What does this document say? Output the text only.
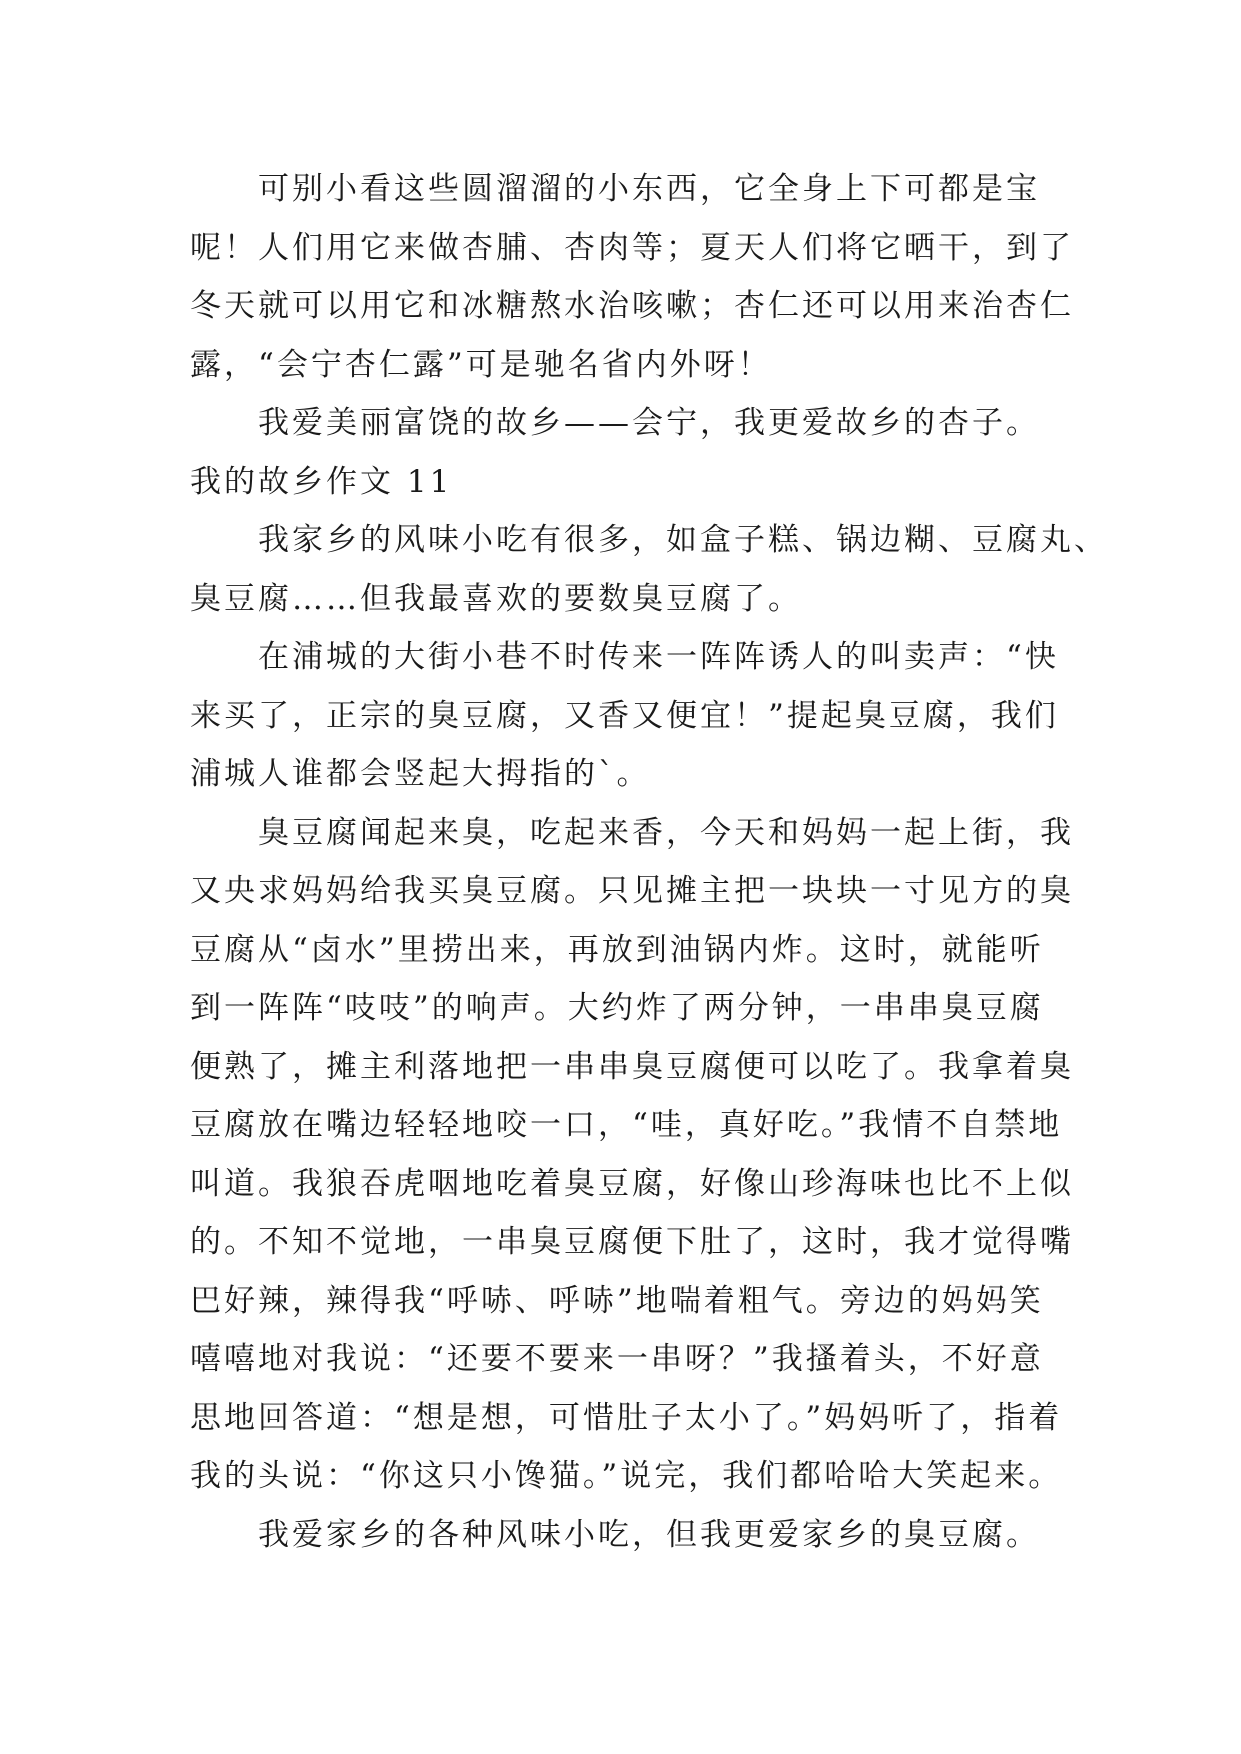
可别小看这些圆溜溜的小东西，它全身上下可都是宝
呢！人们用它来做杏脯、杏肉等；夏天人们将它晒干，到了
冬天就可以用它和冰糖熬水治咳嗽；杏仁还可以用来治杏仁
露，“会宁杏仁露”可是驰名省内外呀！
我爱美丽富饶的故乡——会宁，我更爱故乡的杏子。
我的故乡作文 11
我家乡的风味小吃有很多，如盒子糕、锅边糊、豆腐丸、
臭豆腐……但我最喜欢的要数臭豆腐了。
在浦城的大街小巷不时传来一阵阵诱人的叫卖声：“快
来买了，正宗的臭豆腐，又香又便宜！”提起臭豆腐，我们
浦城人谁都会竖起大拇指的`。
臭豆腐闻起来臭，吃起来香，今天和妈妈一起上街，我
又央求妈妈给我买臭豆腐。只见摊主把一块块一寸见方的臭
豆腐从“卤水”里捞出来，再放到油锅内炸。这时，就能听
到一阵阵“吱吱”的响声。大约炸了两分钟，一串串臭豆腐
便熟了，摊主利落地把一串串臭豆腐便可以吃了。我拿着臭
豆腐放在嘴边轻轻地咬一口，“哇，真好吃。”我情不自禁地
叫道。我狼吞虎咽地吃着臭豆腐，好像山珍海味也比不上似
的。不知不觉地，一串臭豆腐便下肚了，这时，我才觉得嘴
巴好辣，辣得我“呼哧、呼哧”地喘着粗气。旁边的妈妈笑
嘻嘻地对我说：“还要不要来一串呀？”我搔着头，不好意
思地回答道：“想是想，可惜肚子太小了。”妈妈听了，指着
我的头说：“你这只小馋猫。”说完，我们都哈哈大笑起来。
我爱家乡的各种风味小吃，但我更爱家乡的臭豆腐。
